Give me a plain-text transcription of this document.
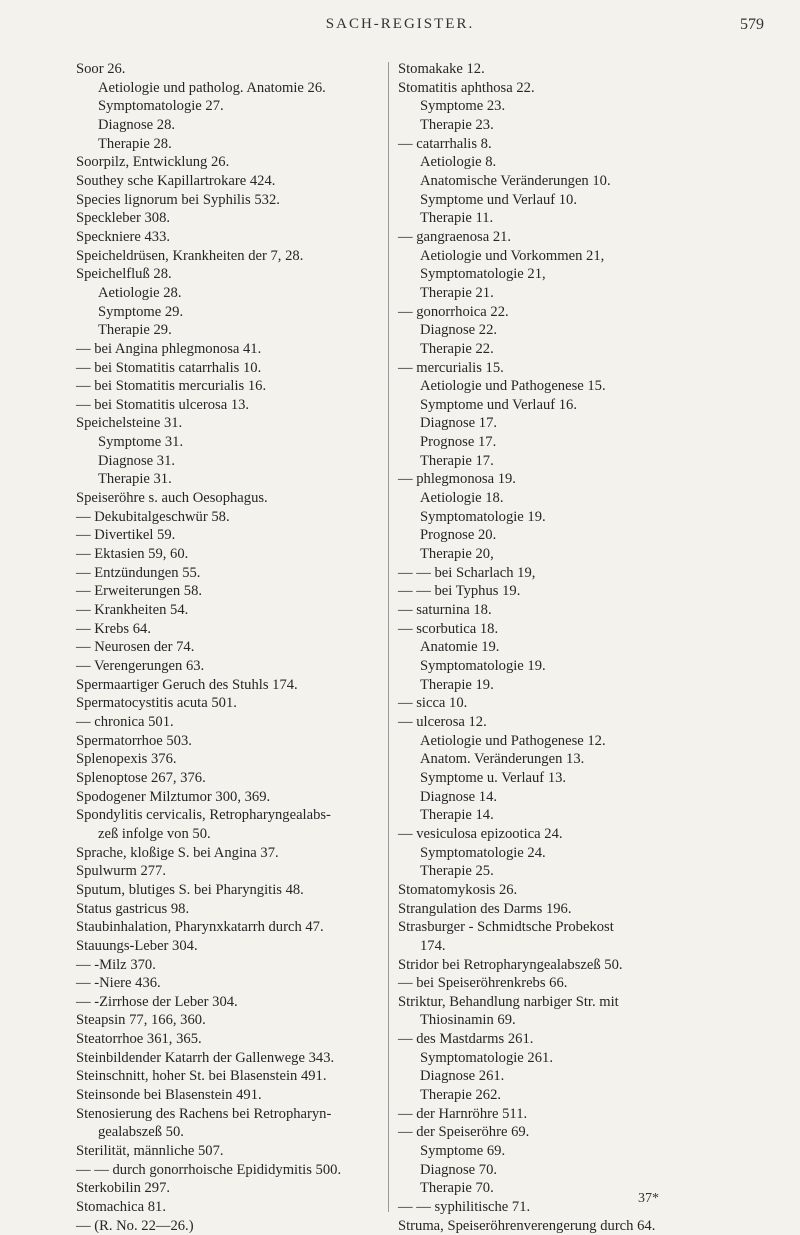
SACH-REGISTER.	579
Soor 26.
Aetiologie und patholog. Anatomie 26.
Symptomatologie 27.
Diagnose 28.
Therapie 28.
Soorpilz, Entwicklung 26.
Southey sche Kapillartrokare 424.
Species lignorum bei Syphilis 532.
Speckleber 308.
Speckniere 433.
Speicheldrüsen, Krankheiten der 7, 28.
Speichelfluß 28.
Aetiologie 28.
Symptome 29.
Therapie 29.
— bei Angina phlegmonosa 41.
— bei Stomatitis catarrhalis 10.
— bei Stomatitis mercurialis 16.
— bei Stomatitis ulcerosa 13.
Speichelsteine 31.
Symptome 31.
Diagnose 31.
Therapie 31.
Speiseröhre s. auch Oesophagus.
— Dekubitalgeschwür 58.
— Divertikel 59.
— Ektasien 59, 60.
— Entzündungen 55.
— Erweiterungen 58.
— Krankheiten 54.
— Krebs 64.
— Neurosen der 74.
— Verengerungen 63.
Spermaartiger Geruch des Stuhls 174.
Spermatocystitis acuta 501.
— chronica 501.
Spermatorrhoe 503.
Splenopexis 376.
Splenoptose 267, 376.
Spodogener Milztumor 300, 369.
Spondylitis cervicalis, Retropharyngealabs-
zeß infolge von 50.
Sprache, kloßige S. bei Angina 37.
Spulwurm 277.
Sputum, blutiges S. bei Pharyngitis 48.
Status gastricus 98.
Staubinhalation, Pharynxkatarrh durch 47.
Stauungs-Leber 304.
— -Milz 370.
— -Niere 436.
— -Zirrhose der Leber 304.
Steapsin 77, 166, 360.
Steatorrhoe 361, 365.
Steinbildender Katarrh der Gallenwege 343.
Steinschnitt, hoher St. bei Blasenstein 491.
Steinsonde bei Blasenstein 491.
Stenosierung des Rachens bei Retropharyn-
gealabszeß 50.
Sterilität, männliche 507.
— — durch gonorrhoische Epididymitis 500.
Sterkobilin 297.
Stomachica 81.
— (R. No. 22—26.)
Stomakake 12.
Stomatitis aphthosa 22.
Symptome 23.
Therapie 23.
— catarrhalis 8.
Aetiologie 8.
Anatomische Veränderungen 10.
Symptome und Verlauf 10.
Therapie 11.
— gangraenosa 21.
Aetiologie und Vorkommen 21,
Symptomatologie 21,
Therapie 21.
— gonorrhoica 22.
Diagnose 22.
Therapie 22.
— mercurialis 15.
Aetiologie und Pathogenese 15.
Symptome und Verlauf 16.
Diagnose 17.
Prognose 17.
Therapie 17.
— phlegmonosa 19.
Aetiologie 18.
Symptomatologie 19.
Prognose 20.
Therapie 20,
— — bei Scharlach 19,
— — bei Typhus 19.
— saturnina 18.
— scorbutica 18.
Anatomie 19.
Symptomatologie 19.
Therapie 19.
— sicca 10.
— ulcerosa 12.
Aetiologie und Pathogenese 12.
Anatom. Veränderungen 13.
Symptome u. Verlauf 13.
Diagnose 14.
Therapie 14.
— vesiculosa epizootica 24.
Symptomatologie 24.
Therapie 25.
Stomatomykosis 26.
Strangulation des Darms 196.
Strasburger - Schmidtsche Probekost
174.
Stridor bei Retropharyngealabszeß 50.
— bei Speiseröhrenkrebs 66.
Striktur, Behandlung narbiger Str. mit
Thiosinamin 69.
— des Mastdarms 261.
Symptomatologie 261.
Diagnose 261.
Therapie 262.
— der Harnröhre 511.
— der Speiseröhre 69.
Symptome 69.
Diagnose 70.
Therapie 70.
— — syphilitische 71.
Struma, Speiseröhrenverengerung durch 64.
37*
